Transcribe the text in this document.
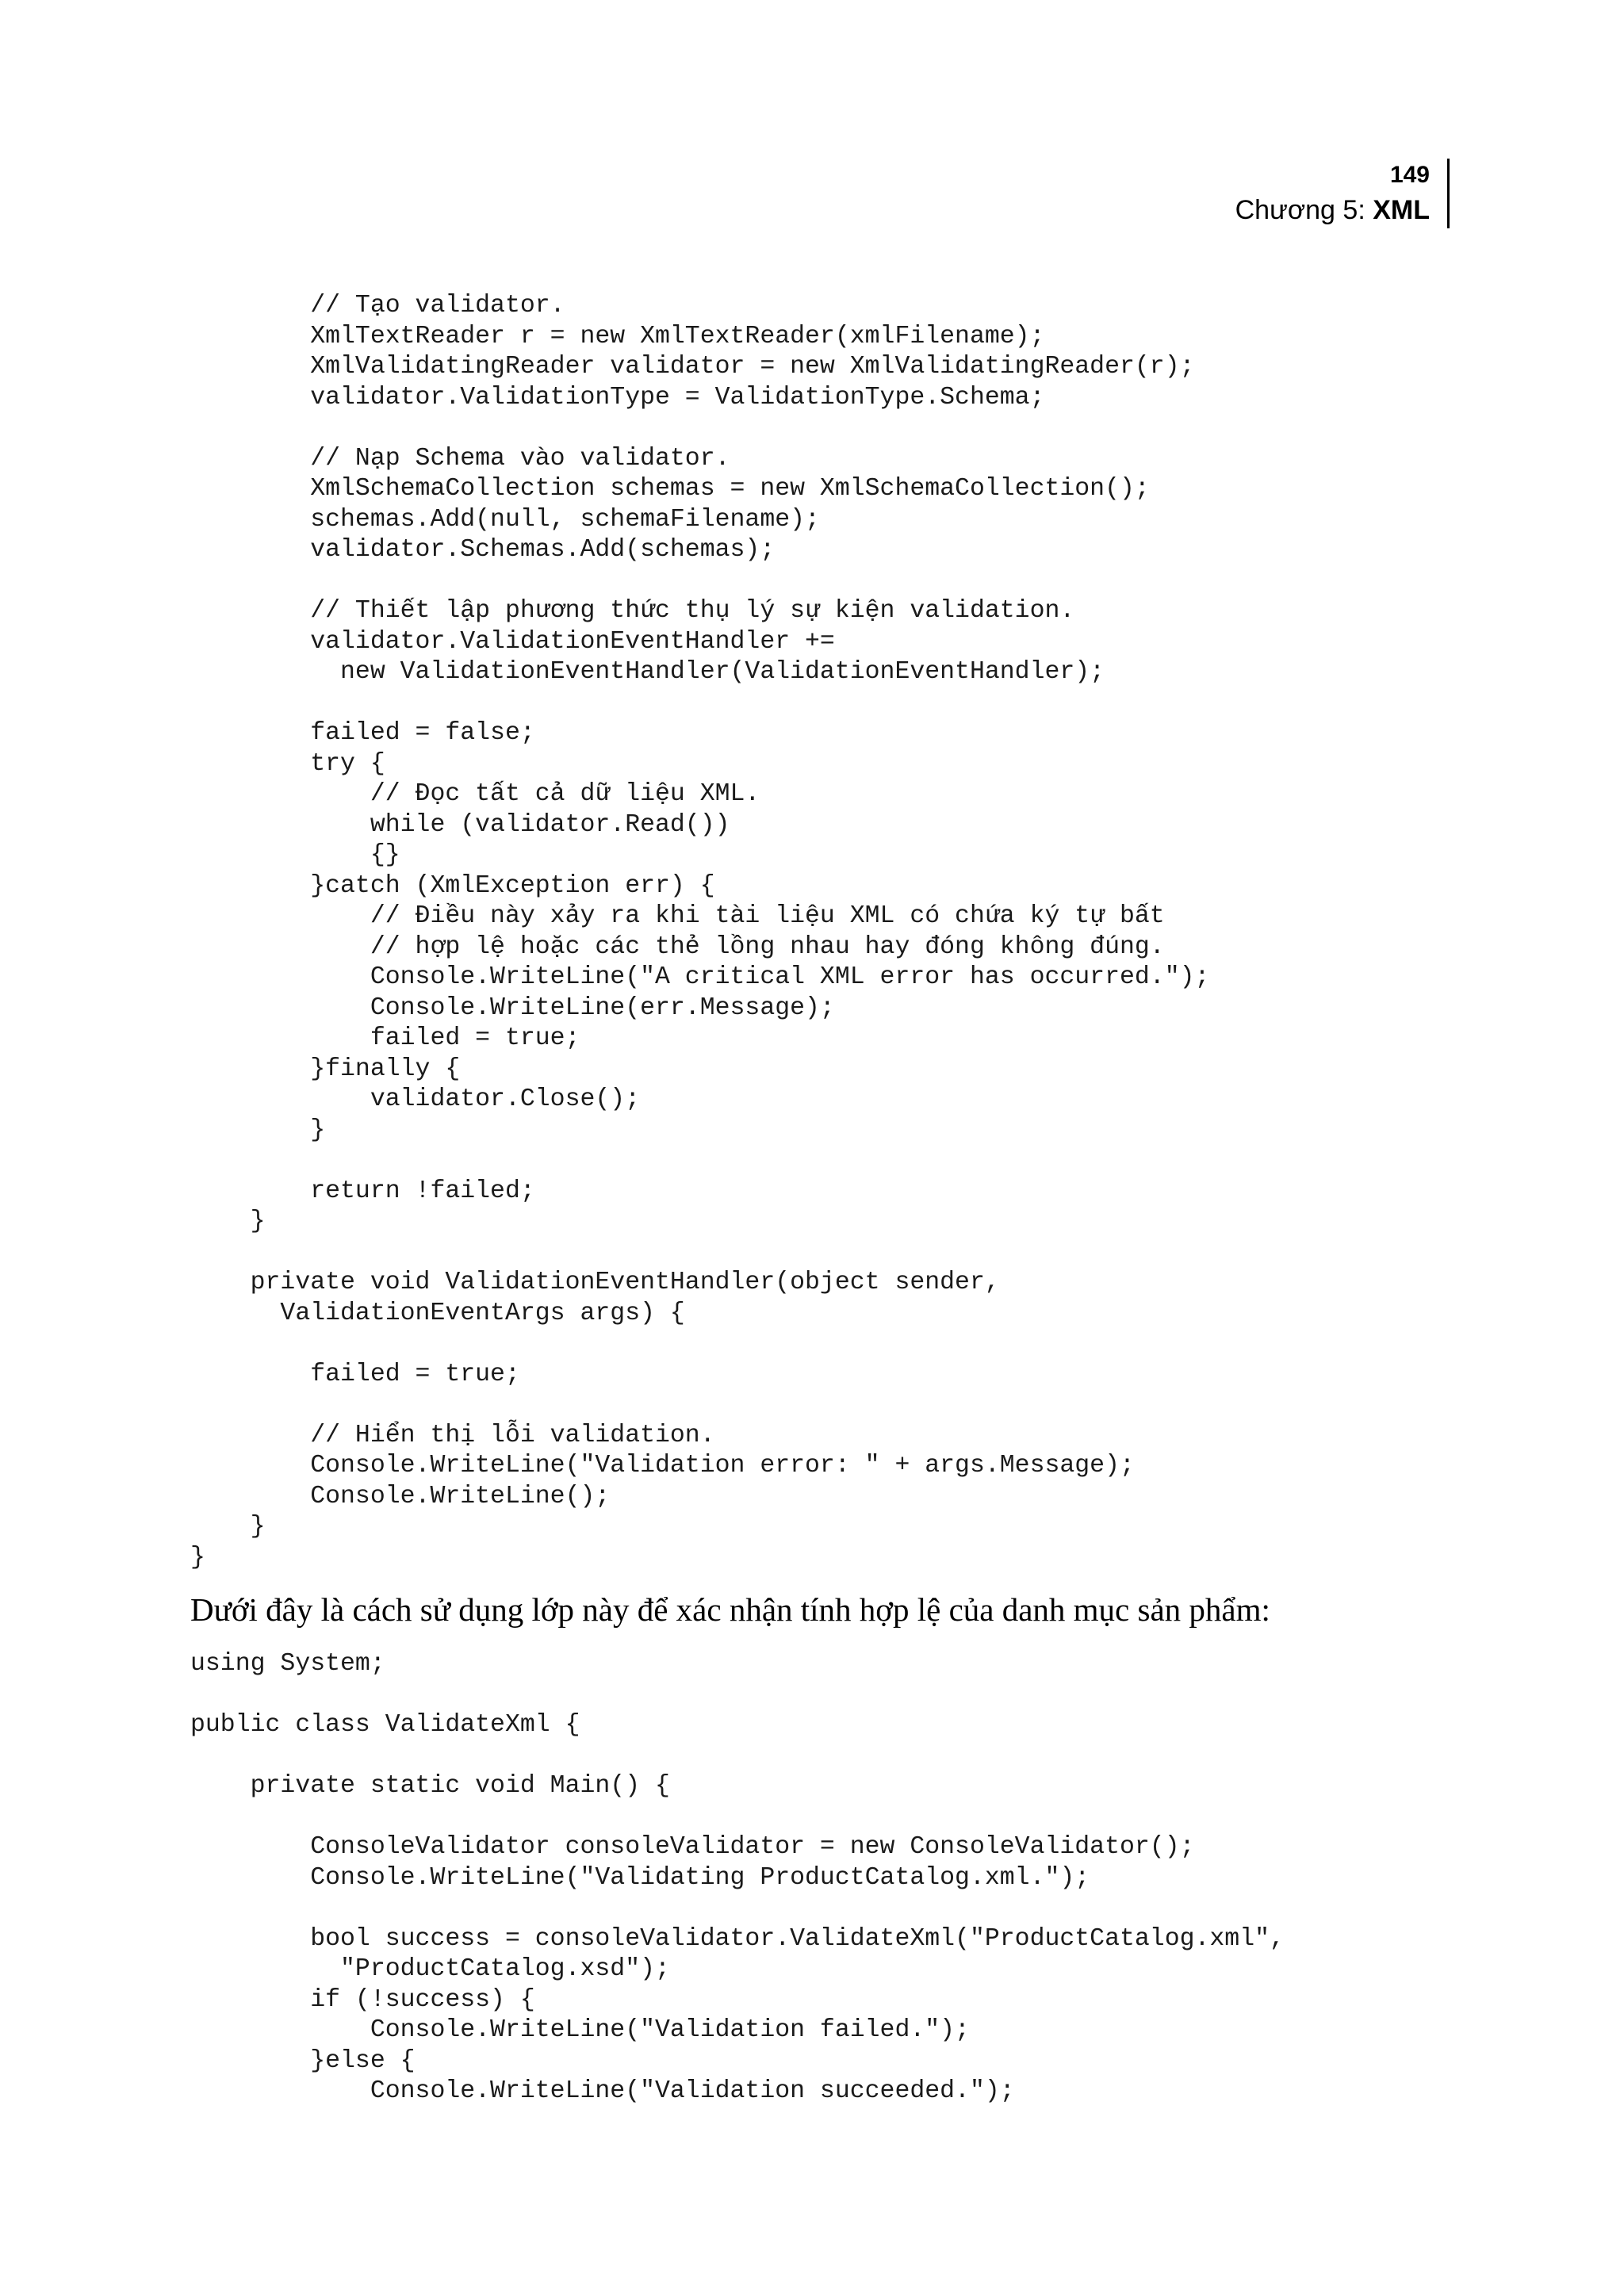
149
Chương 5: XML
// Tạo validator.
XmlTextReader r = new XmlTextReader(xmlFilename);
XmlValidatingReader validator = new XmlValidatingReader(r);
validator.ValidationType = ValidationType.Schema;

// Nạp Schema vào validator.
XmlSchemaCollection schemas = new XmlSchemaCollection();
schemas.Add(null, schemaFilename);
validator.Schemas.Add(schemas);

// Thiết lập phương thức thụ lý sự kiện validation.
validator.ValidationEventHandler +=
new ValidationEventHandler(ValidationEventHandler);

failed = false;
try {
// Đọc tất cả dữ liệu XML.
while (validator.Read())
{}
}catch (XmlException err) {
// Điều này xảy ra khi tài liệu XML có chứa ký tự bất
// hợp lệ hoặc các thẻ lồng nhau hay đóng không đúng.
Console.WriteLine("A critical XML error has occurred.");
Console.WriteLine(err.Message);
failed = true;
}finally {
validator.Close();
}

return !failed;
}

private void ValidationEventHandler(object sender,
ValidationEventArgs args) {

failed = true;

// Hiển thị lỗi validation.
Console.WriteLine("Validation error: " + args.Message);
Console.WriteLine();
}
}
Dưới đây là cách sử dụng lớp này để xác nhận tính hợp lệ của danh mục sản phẩm:
using System;

public class ValidateXml {

private static void Main() {

ConsoleValidator consoleValidator = new ConsoleValidator();
Console.WriteLine("Validating ProductCatalog.xml.");

bool success = consoleValidator.ValidateXml("ProductCatalog.xml",
"ProductCatalog.xsd");
if (!success) {
Console.WriteLine("Validation failed.");
}else {
Console.WriteLine("Validation succeeded.");
